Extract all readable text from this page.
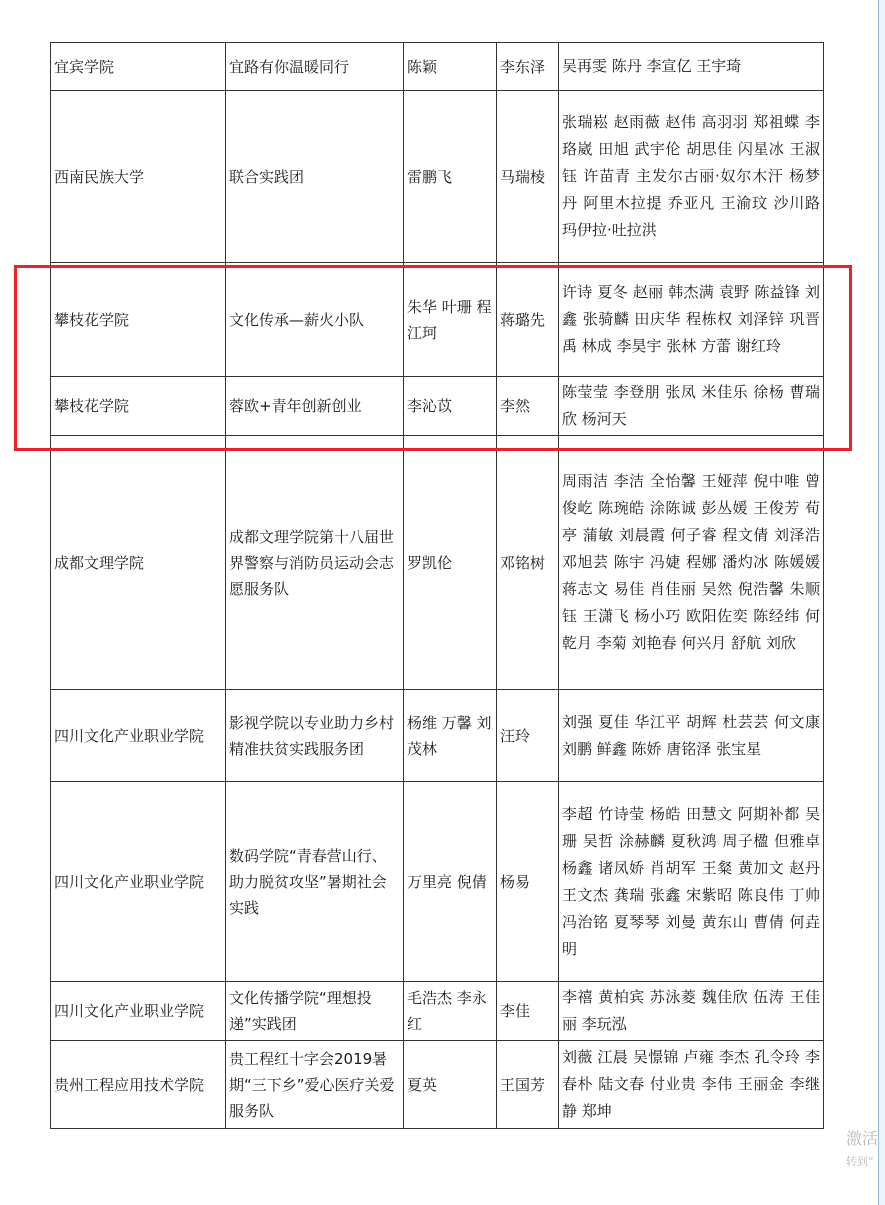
宜宾学院	宜路有你温暖同行	陈颖	李东泽	吴再雯 陈丹 李宣亿 王宇琦
西南民族大学	联合实践团	雷鹏飞	马瑞棱	张瑞崧 赵雨薇 赵伟 高羽羽 郑祖蝶 李珞崴 田旭 武宇伦 胡思佳 闪星冰 王淑钰 许苗青 主发尔古丽·奴尔木汗 杨梦丹 阿里木拉提 乔亚凡 王渝玟 沙川路 玛伊拉·吐拉洪
攀枝花学院	文化传承—薪火小队	朱华 叶珊 程江珂	蒋璐先	许诗 夏冬 赵丽 韩杰满 袁野 陈益锋 刘鑫 张骑麟 田庆华 程栋权 刘泽锌 巩晋禹 林成 李昊宇 张林 方蕾 谢红玲
攀枝花学院	蓉欧+青年创新创业	李沁苡	李然	陈莹莹 李登朋 张凤 米佳乐 徐杨 曹瑞欣 杨河天
成都文理学院	成都文理学院第十八届世界警察与消防员运动会志愿服务队	罗凯伦	邓铭树	周雨洁 李洁 全怡馨 王娅萍 倪中唯 曾俊屹 陈琬皓 涂陈诚 彭丛媛 王俊芳 荀亭 蒲敏 刘晨霞 何子睿 程文倩 刘泽浩 邓旭芸 陈宇 冯婕 程娜 潘灼冰 陈媛媛 蒋志文 易佳 肖佳丽 吴然 倪浩馨 朱顺钰 王潇飞 杨小巧 欧阳佐奕 陈经纬 何乾月 李菊 刘艳春 何兴月 舒航 刘欣
四川文化产业职业学院	影视学院以专业助力乡村精准扶贫实践服务团	杨维 万馨 刘茂林	汪玲	刘强 夏佳 华江平 胡辉 杜芸芸 何文康 刘鹏 鲜鑫 陈娇 唐铭泽 张宝星
四川文化产业职业学院	数码学院“青春营山行、助力脱贫攻坚”暑期社会实践	万里亮 倪倩	杨易	李超 竹诗莹 杨皓 田慧文 阿期补都 吴珊 吴哲 涂赫麟 夏秋鸿 周子楹 但雅卓 杨鑫 诸凤娇 肖胡军 王粲 黄加文 赵丹 王文杰 龚瑞 张鑫 宋紫昭 陈良伟 丁帅 冯治铭 夏琴琴 刘曼 黄东山 曹倩 何垚明
四川文化产业职业学院	文化传播学院“理想投递”实践团	毛浩杰 李永红	李佳	李禧 黄柏宾 苏泳菱 魏佳欣 伍涛 王佳丽 李玩泓
贵州工程应用技术学院	贵工程红十字会2019暑期“三下乡”爱心医疗关爱服务队	夏英	王国芳	刘薇 江晨 吴憬锦 卢雍 李杰 孔令玲 李春朴 陆文春 付业贵 李伟 王丽金 李继静 郑坤
激活
转到“
